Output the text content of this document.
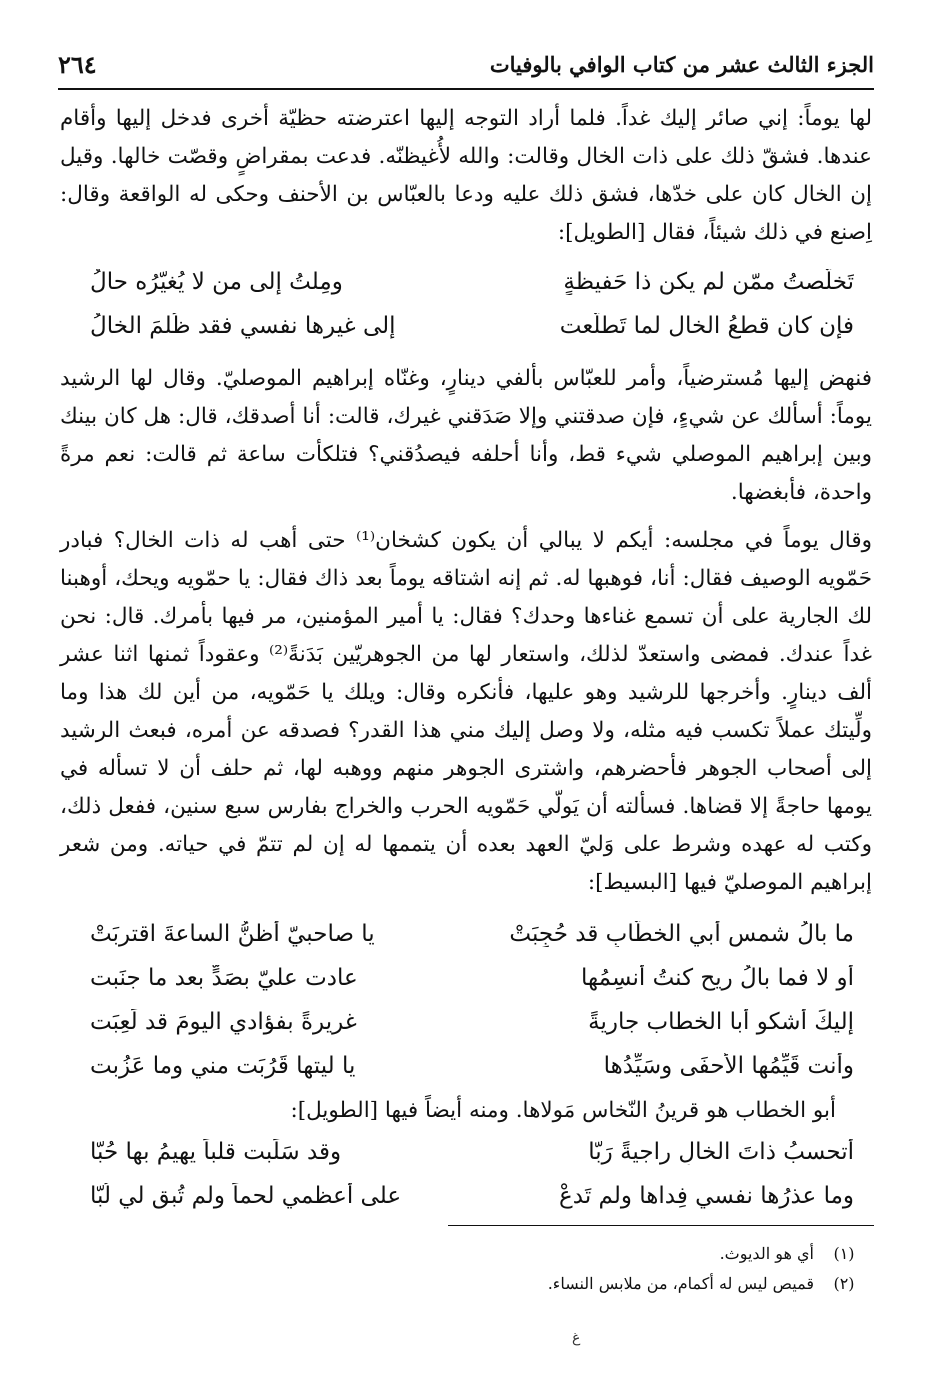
الجزء الثالث عشر من كتاب الوافي بالوفيات
٢٦٤

لها يوماً: إني صائر إليك غداً. فلما أراد التوجه إليها اعترضته حظيّة أخرى فدخل إليها وأقام عندها. فشقّ ذلك على ذات الخال وقالت: والله لأُغيظنّه. فدعت بمقراضٍ وقصّت خالها. وقيل إن الخال كان على خدّها، فشق ذلك عليه ودعا بالعبّاس بن الأحنف وحكى له الواقعة وقال: اِصنع في ذلك شيئاً، فقال [الطويل]:

تَخلّصتُ ممّن لم يكن ذا حَفيظةٍ
ومِلتُ إلى من لا يُغيّرُه حالُ
فإن كان قطعُ الخال لما تَطلّعت
إلى غيرها نفسي فقد ظُلمَ الخالُ

فنهض إليها مُسترضياً، وأمر للعبّاس بألفي دينارٍ، وغنّاه إبراهيم الموصليّ. وقال لها الرشيد يوماً: أسألك عن شيءٍ، فإن صدقتني وإلا صَدَقني غيرك، قالت: أنا أصدقك، قال: هل كان بينك وبين إبراهيم الموصلي شيء قط، وأنا أحلفه فيصدُقني؟ فتلكأت ساعة ثم قالت: نعم مرةً واحدة، فأبغضها.

وقال يوماً في مجلسه: أيكم لا يبالي أن يكون كشخان⁽¹⁾ حتى أهب له ذات الخال؟ فبادر حَمّويه الوصيف فقال: أنا، فوهبها له. ثم إنه اشتاقه يوماً بعد ذاك فقال: يا حمّويه ويحك، أوهبنا لك الجارية على أن تسمع غناءها وحدك؟ فقال: يا أمير المؤمنين، مر فيها بأمرك. قال: نحن غداً عندك. فمضى واستعدّ لذلك، واستعار لها من الجوهريّين بَدَنةً⁽²⁾ وعقوداً ثمنها اثنا عشر ألف دينارٍ. وأخرجها للرشيد وهو عليها، فأنكره وقال: ويلك يا حَمّويه، من أين لك هذا وما ولِّيتك عملاً تكسب فيه مثله، ولا وصل إليك مني هذا القدر؟ فصدقه عن أمره، فبعث الرشيد إلى أصحاب الجوهر فأحضرهم، واشترى الجوهر منهم ووهبه لها، ثم حلف أن لا تسأله في يومها حاجةً إلا قضاها. فسألته أن يَولّي حَمّويه الحرب والخراج بفارس سبع سنين، ففعل ذلك، وكتب له عهده وشرط على وَليّ العهد بعده أن يتممها له إن لم تتمّ في حياته. ومن شعر إبراهيم الموصليّ فيها [البسيط]:

ما بالُ شمسِ أبي الخطّابِ قد حُجِبَتْ
يا صاحبيّ أظنُّ الساعةَ اقتربَتْ
أو لا فما بالُ ريحٍ كنتُ أنسِمُها
عادت عليّ بصَدٍّ بعد ما جنَبت
إليكَ أشكو أبا الخطاب جاريةً
غريرةً بفؤادي اليومَ قد لَعِبَت
وأنت قَيِّمُها الأحفَى وسَيِّدُها
يا ليتها قَرُبَت مني وما عَزُبت

أبو الخطاب هو قرينُ النّخاس مَولاها. ومنه أيضاً فيها [الطويل]:

أتحسبُ ذاتَ الخالِ راجيةً رَبّا
وقد سَلَبت قلباً يهيمُ بها حُبّا
وما عذرُها نفسي فِداها ولم تَدعْ
على أعظمي لحماً ولم تُبقِ لي لُبّا
(١)
أي هو الديوث.
(٢)
قميص ليس له أكمام، من ملابس النساء.
ﻍ
